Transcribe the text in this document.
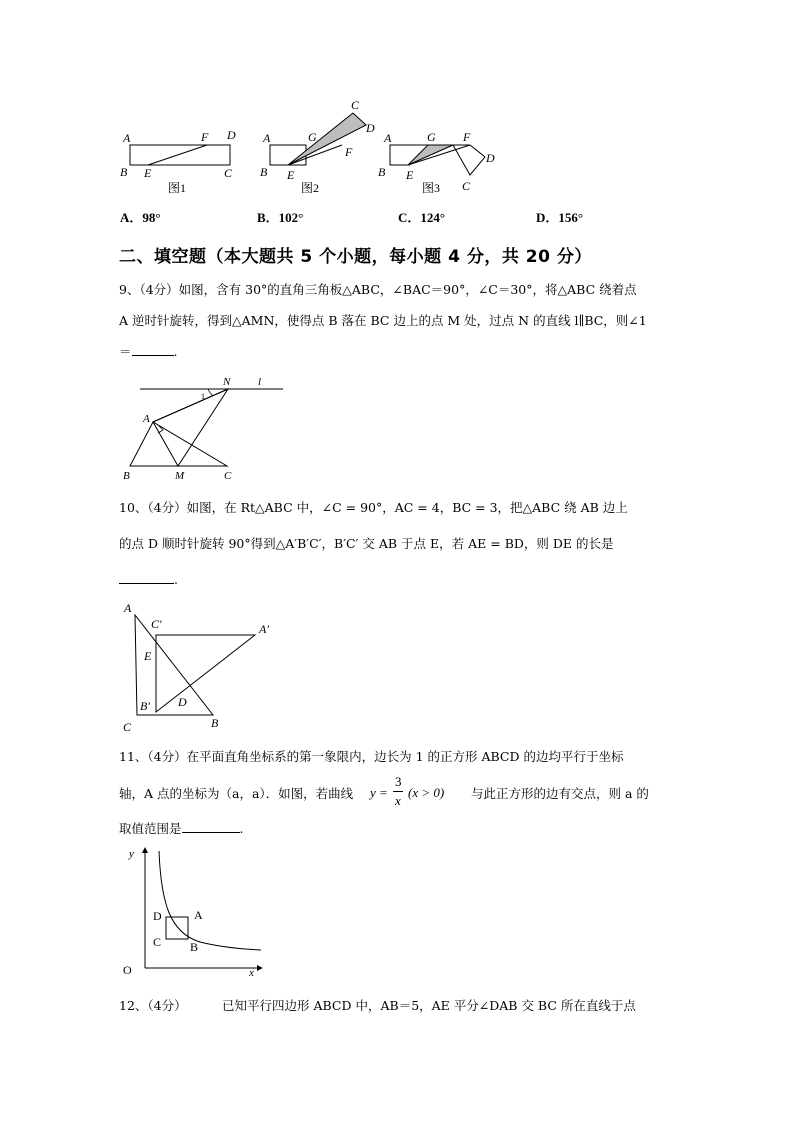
A	F D
B E	C
图1
A	G
C
D
F
B E
图2
A	G F
D
C
B E
图3
A．98°	B．102°	C．124°	D．156°
二、填空题（本大题共 5 个小题，每小题 4 分，共 20 分）
9、（4分）如图，含有 30°的直角三角板△ABC，∠BAC＝90°，∠C＝30°，将△ABC 绕着点
A 逆时针旋转，得到△AMN，使得点 B 落在 BC 边上的点 M 处，过点 N 的直线 l∥BC，则∠1
＝	.
N	l
1
A
B	M	C
10、（4分）如图，在 Rt△ABC 中，∠C = 90°，AC = 4，BC = 3，把△ABC 绕 AB 边上
的点 D 顺时针旋转 90°得到△A′B′C′，B′C′ 交 AB 于点 E，若 AE = BD，则 DE 的长是
.
A
C′	A′
E
D
B′
C	B
11、（4分）在平面直角坐标系的第一象限内，边长为 1 的正方形 ABCD 的边均平行于坐标
轴，A 点的坐标为（a，a）．如图，若曲线 y =
3
x
(x > 0) 与此正方形的边有交点，则 a 的
取值范围是	.
y
x
O
D	A
C B
12、（4分）	已知平行四边形 ABCD 中，AB＝5，AE 平分∠DAB 交 BC 所在直线于点
